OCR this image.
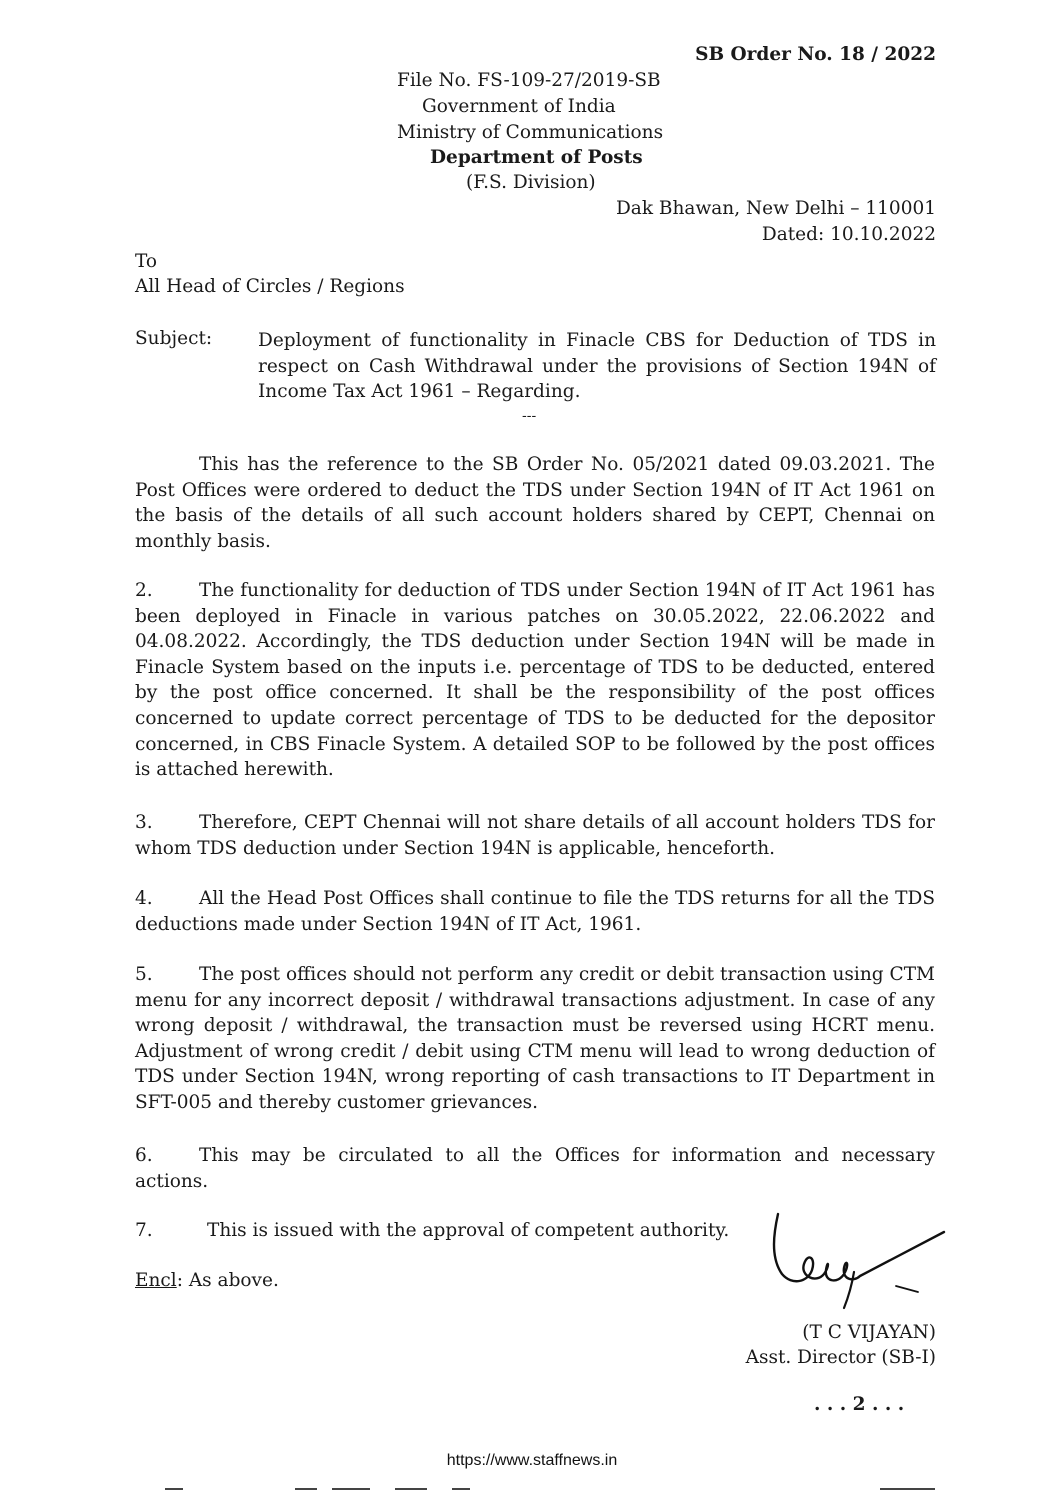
SB Order No. 18 / 2022
File No. FS-109-27/2019-SB
Government of India
Ministry of Communications
Department of Posts
(F.S. Division)
Dak Bhawan, New Delhi – 110001
Dated: 10.10.2022
To
All Head of Circles / Regions
Subject: Deployment of functionality in Finacle CBS for Deduction of TDS in respect on Cash Withdrawal under the provisions of Section 194N of Income Tax Act 1961 – Regarding.
---
This has the reference to the SB Order No. 05/2021 dated 09.03.2021. The Post Offices were ordered to deduct the TDS under Section 194N of IT Act 1961 on the basis of the details of all such account holders shared by CEPT, Chennai on monthly basis.
2.	The functionality for deduction of TDS under Section 194N of IT Act 1961 has been deployed in Finacle in various patches on 30.05.2022, 22.06.2022 and 04.08.2022. Accordingly, the TDS deduction under Section 194N will be made in Finacle System based on the inputs i.e. percentage of TDS to be deducted, entered by the post office concerned. It shall be the responsibility of the post offices concerned to update correct percentage of TDS to be deducted for the depositor concerned, in CBS Finacle System. A detailed SOP to be followed by the post offices is attached herewith.
3.	Therefore, CEPT Chennai will not share details of all account holders TDS for whom TDS deduction under Section 194N is applicable, henceforth.
4.	All the Head Post Offices shall continue to file the TDS returns for all the TDS deductions made under Section 194N of IT Act, 1961.
5.	The post offices should not perform any credit or debit transaction using CTM menu for any incorrect deposit / withdrawal transactions adjustment. In case of any wrong deposit / withdrawal, the transaction must be reversed using HCRT menu. Adjustment of wrong credit / debit using CTM menu will lead to wrong deduction of TDS under Section 194N, wrong reporting of cash transactions to IT Department in SFT-005 and thereby customer grievances.
6.	This may be circulated to all the Offices for information and necessary actions.
7.	This is issued with the approval of competent authority.
Encl: As above.
(T C VIJAYAN)
Asst. Director (SB-I)
. . . 2 . . .
https://www.staffnews.in
